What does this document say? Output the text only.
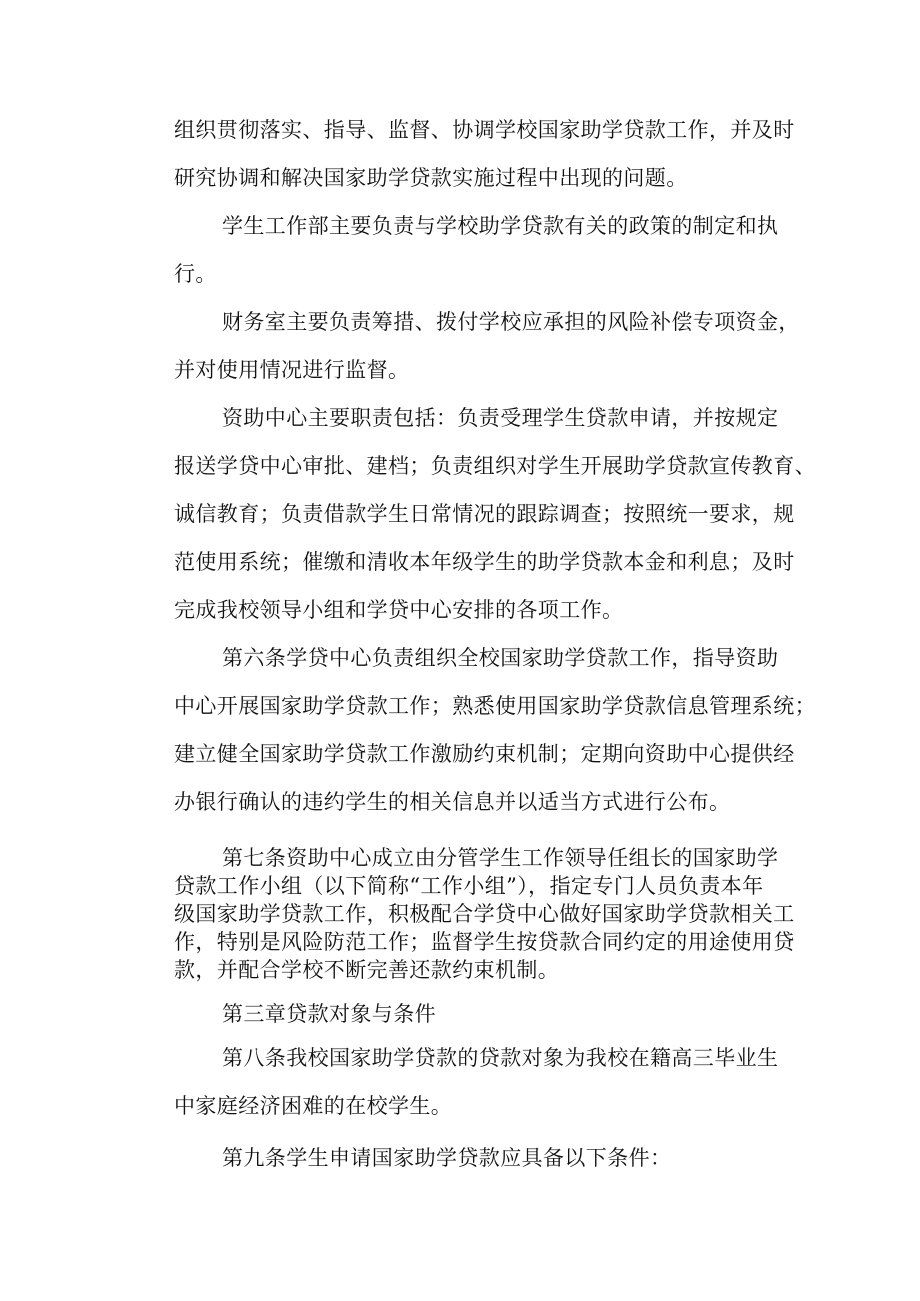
组织贯彻落实、指导、监督、协调学校国家助学贷款工作，并及时

研究协调和解决国家助学贷款实施过程中出现的问题。

学生工作部主要负责与学校助学贷款有关的政策的制定和执

行。

财务室主要负责筹措、拨付学校应承担的风险补偿专项资金，

并对使用情况进行监督。

资助中心主要职责包括：负责受理学生贷款申请，并按规定

报送学贷中心审批、建档；负责组织对学生开展助学贷款宣传教育、

诚信教育；负责借款学生日常情况的跟踪调查；按照统一要求，规

范使用系统；催缴和清收本年级学生的助学贷款本金和利息；及时

完成我校领导小组和学贷中心安排的各项工作。

第六条学贷中心负责组织全校国家助学贷款工作，指导资助

中心开展国家助学贷款工作；熟悉使用国家助学贷款信息管理系统；

建立健全国家助学贷款工作激励约束机制；定期向资助中心提供经

办银行确认的违约学生的相关信息并以适当方式进行公布。

第七条资助中心成立由分管学生工作领导任组长的国家助学

贷款工作小组（以下简称“工作小组”），指定专门人员负责本年

级国家助学贷款工作，积极配合学贷中心做好国家助学贷款相关工

作，特别是风险防范工作；监督学生按贷款合同约定的用途使用贷

款，并配合学校不断完善还款约束机制。

第三章贷款对象与条件

第八条我校国家助学贷款的贷款对象为我校在籍高三毕业生

中家庭经济困难的在校学生。

第九条学生申请国家助学贷款应具备以下条件：
